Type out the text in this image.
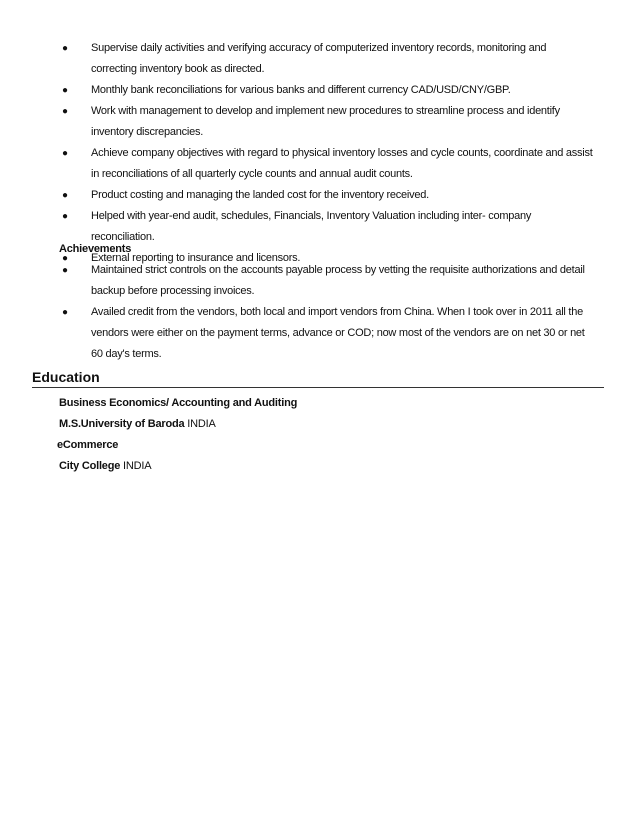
● Supervise daily activities and verifying accuracy of computerized inventory records, monitoring and correcting inventory book as directed.
● Monthly bank reconciliations for various banks and different currency CAD/USD/CNY/GBP.
● Work with management to develop and implement new procedures to streamline process and identify inventory discrepancies.
● Achieve company objectives with regard to physical inventory losses and cycle counts, coordinate and assist in reconciliations of all quarterly cycle counts and annual audit counts.
● Product costing and managing the landed cost for the inventory received.
● Helped with year-end audit, schedules, Financials, Inventory Valuation including inter- company reconciliation.
● External reporting to insurance and licensors.
Achievements
● Maintained strict controls on the accounts payable process by vetting the requisite authorizations and detail backup before processing invoices.
● Availed credit from the vendors, both local and import vendors from China. When I took over in 2011 all the vendors were either on the payment terms, advance or COD; now most of the vendors are on net 30 or net 60 day's terms.
Education
Business Economics/ Accounting and Auditing
M.S.University of Baroda INDIA
eCommerce
City College INDIA
